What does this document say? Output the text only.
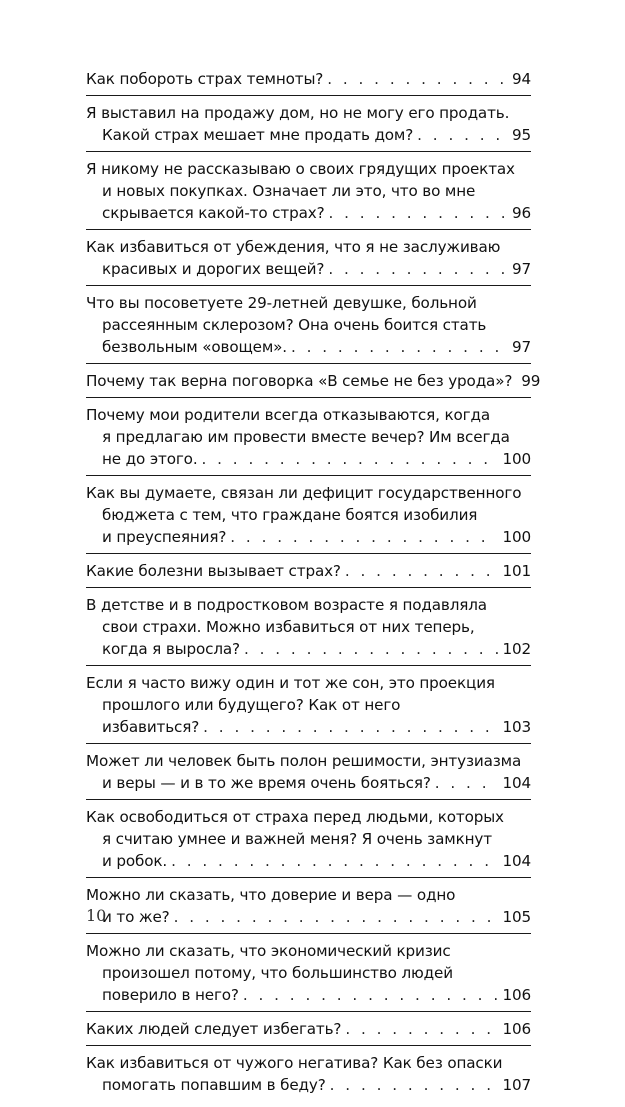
Как побороть страх темноты? . . .	94
Я выставил на продажу дом, но не могу его продать.
Какой страх мешает мне продать дом? . . .	95
Я никому не рассказываю о своих грядущих проектах
и новых покупках. Означает ли это, что во мне
скрывается какой-то страх? . . .	96
Как избавиться от убеждения, что я не заслуживаю
красивых и дорогих вещей? . . .	97
Что вы посоветуете 29-летней девушке, больной
рассеянным склерозом? Она очень боится стать
безвольным «овощем». . . .	97
Почему так верна поговорка «В семье не без урода»? 99
Почему мои родители всегда отказываются, когда
я предлагаю им провести вместе вечер? Им всегда
не до этого. . . .	100
Как вы думаете, связан ли дефицит государственного
бюджета с тем, что граждане боятся изобилия
и преуспеяния? . . .	100
Какие болезни вызывает страх? . . .	101
В детстве и в подростковом возрасте я подавляла
свои страхи. Можно избавиться от них теперь,
когда я выросла? . . .	102
Если я часто вижу один и тот же сон, это проекция
прошлого или будущего? Как от него
избавиться? . . .	103
Может ли человек быть полон решимости, энтузиазма
и веры — и в то же время очень бояться? . . .	104
Как освободиться от страха перед людьми, которых
я считаю умнее и важней меня? Я очень замкнут
и робок. . . .	104
Можно ли сказать, что доверие и вера — одно
и то же? . . .	105
Можно ли сказать, что экономический кризис
произошел потому, что большинство людей
поверило в него? . . .	106
Каких людей следует избегать? . . .	106
Как избавиться от чужого негатива? Как без опаски
помогать попавшим в беду? . . .	107
10
